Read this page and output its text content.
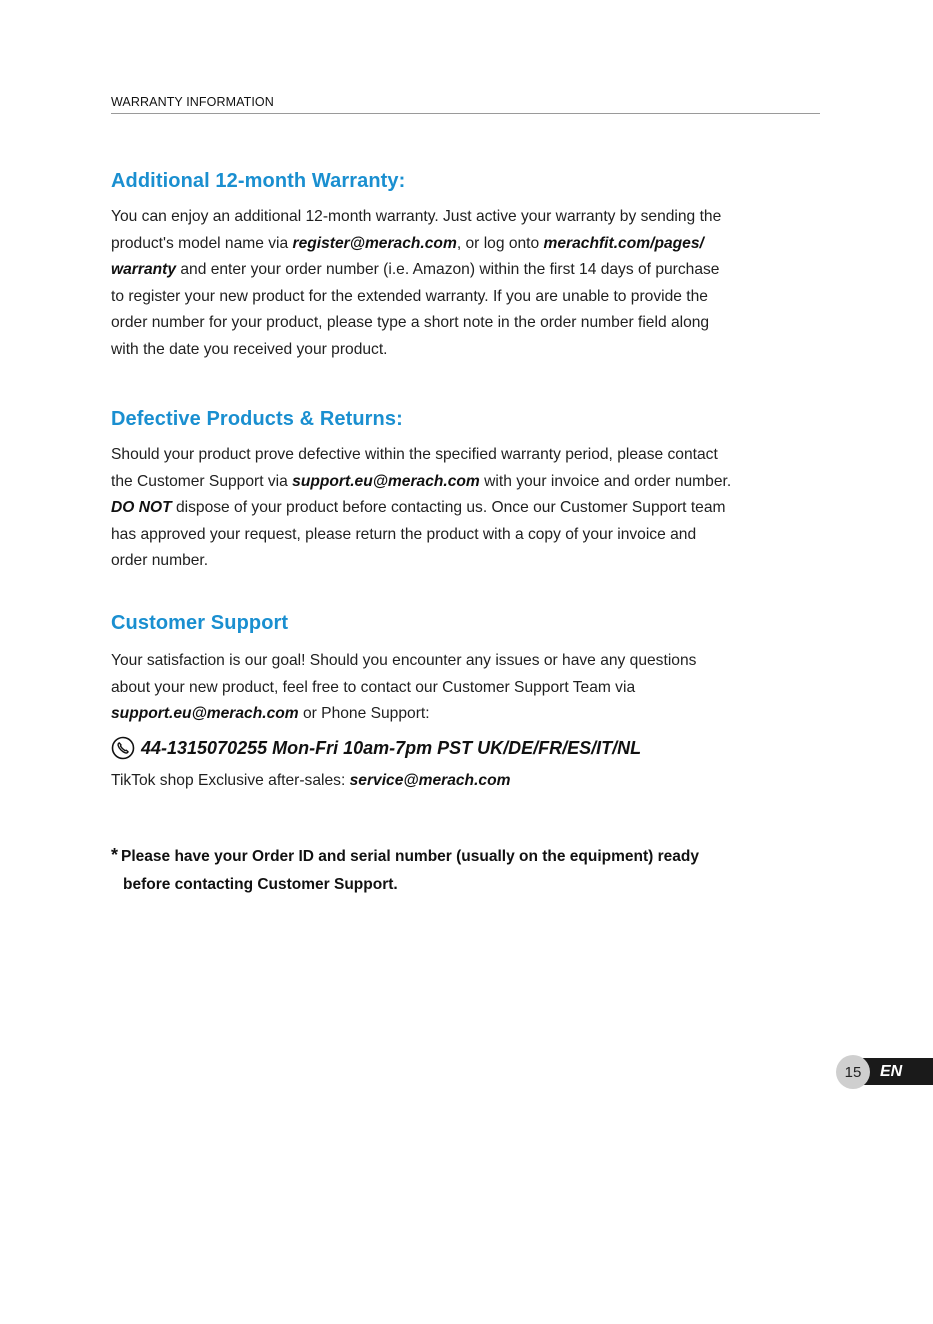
WARRANTY INFORMATION
Additional 12-month Warranty:

You can enjoy an additional 12-month warranty. Just active your warranty by sending the
product's model name via register@merach.com, or log onto merachfit.com/pages/
warranty and enter your order number (i.e. Amazon) within the first 14 days of purchase
to register your new product for the extended warranty. If you are unable to provide the
order number for your product, please type a short note in the order number field along
with the date you received your product.

Defective Products & Returns:

Should your product prove defective within the specified warranty period, please contact
the Customer Support via support.eu@merach.com with your invoice and order number.
DO NOT dispose of your product before contacting us. Once our Customer Support team
has approved your request, please return the product with a copy of your invoice and
order number.

Customer Support

Your satisfaction is our goal! Should you encounter any issues or have any questions
about your new product, feel free to contact our Customer Support Team via
support.eu@merach.com or Phone Support:

44-1315070255 Mon-Fri 10am-7pm PST UK/DE/FR/ES/IT/NL

TikTok shop Exclusive after-sales: service@merach.com

* Please have your Order ID and serial number (usually on the equipment) ready
before contacting Customer Support.
15	EN
